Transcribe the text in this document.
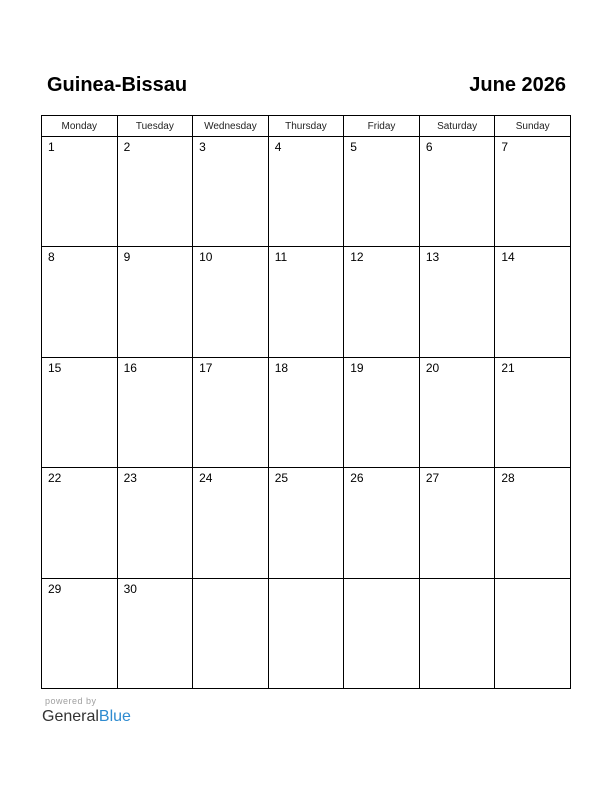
Guinea-Bissau	June 2026
Monday	Tuesday	Wednesday	Thursday	Friday	Saturday	Sunday

1	2	3	4	5	6	7

8	9	10	11	12	13	14

15	16	17	18	19	20	21

22	23	24	25	26	27	28

29	30					

powered by
GeneralBlue
